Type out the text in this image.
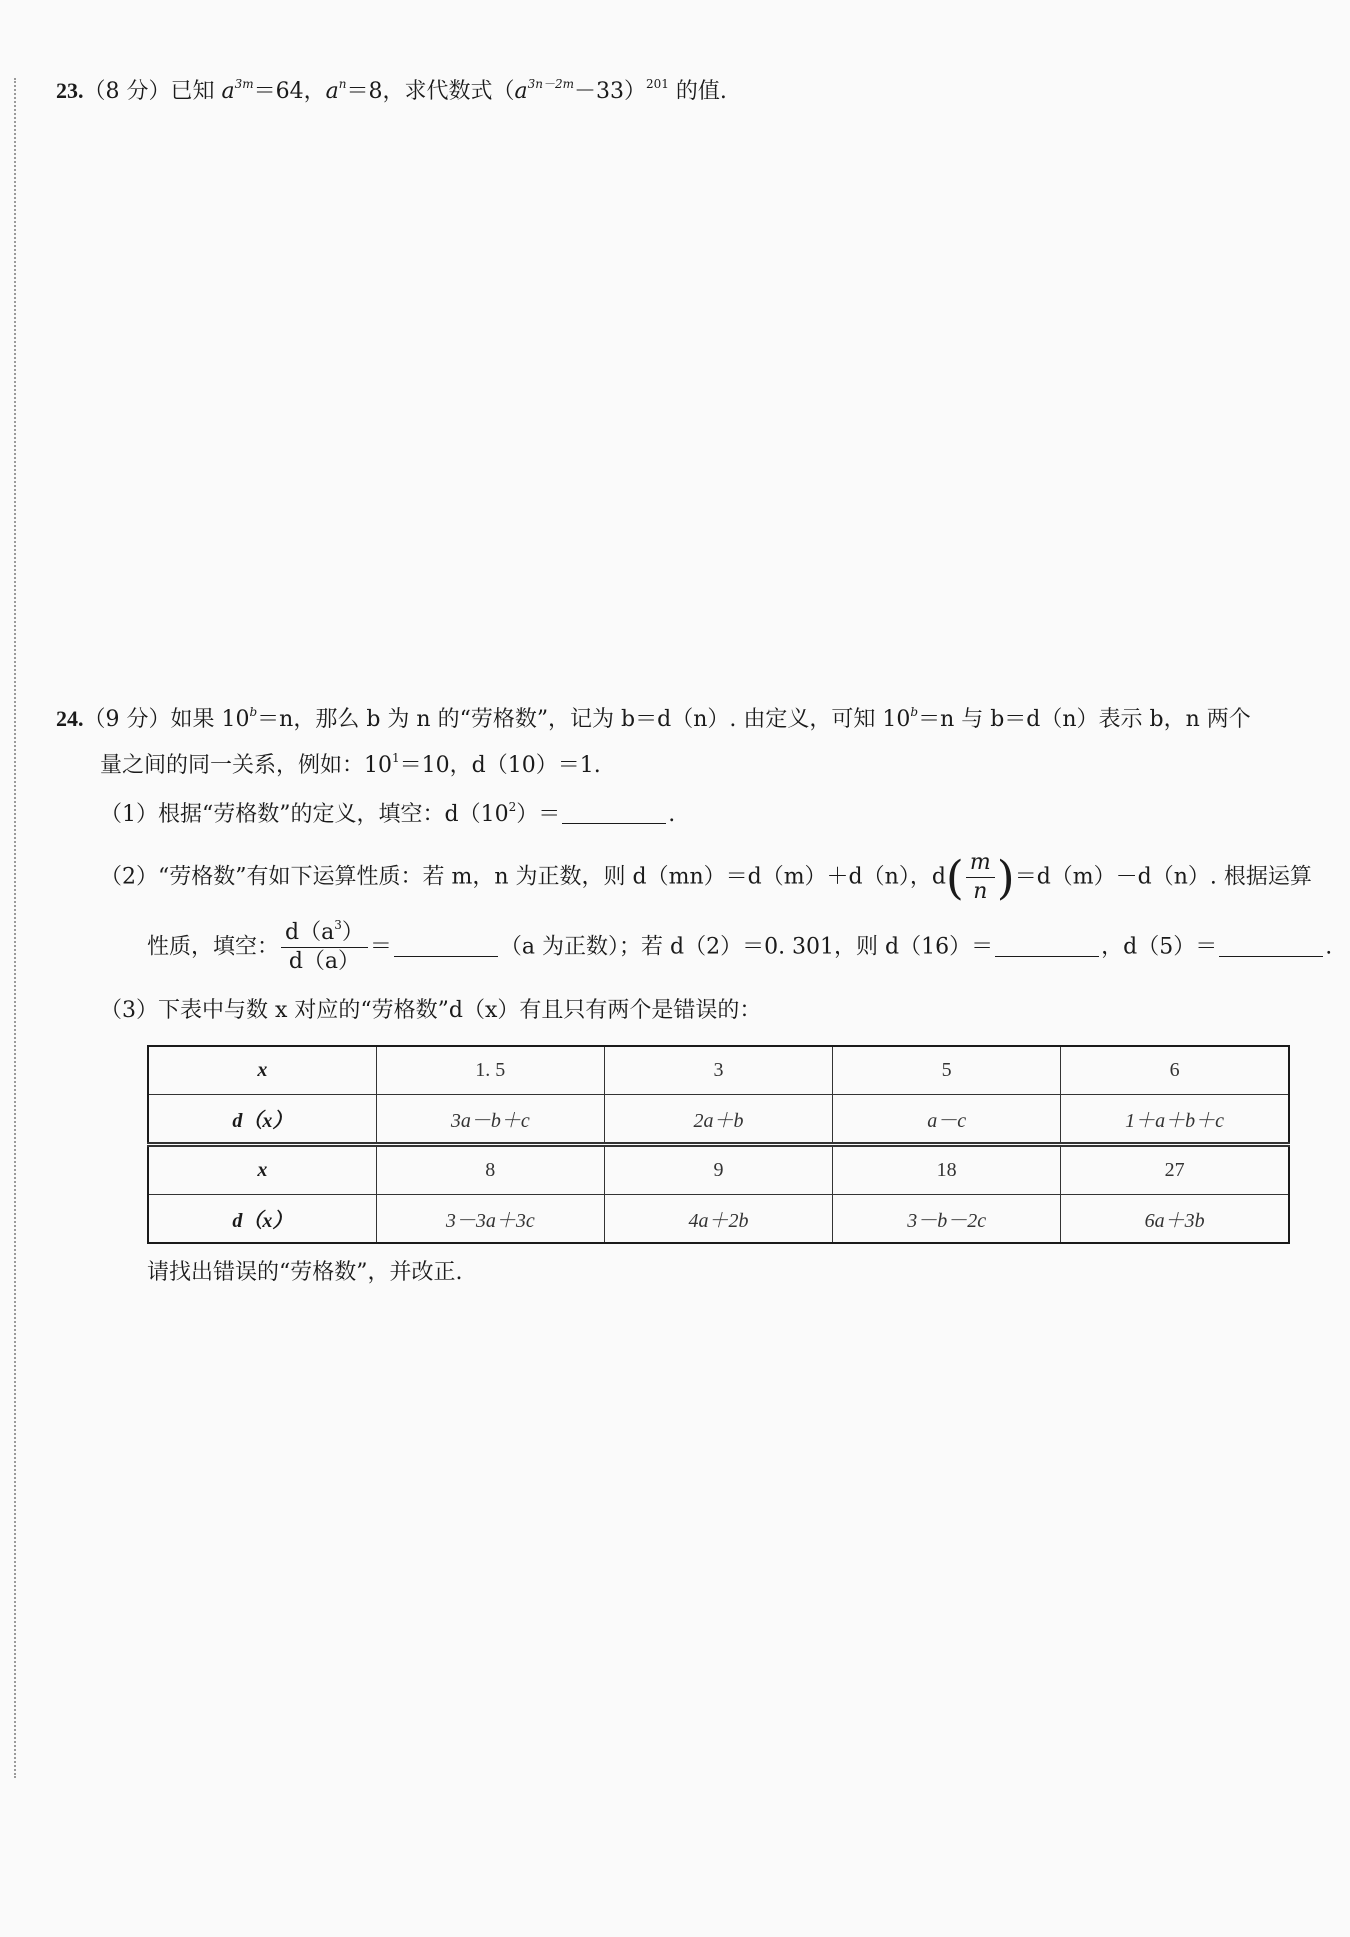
23.（8 分）已知 $a^{3m}=64$，$a^n=8$，求代数式$(a^{3n-2m}-33)^{201}$ 的值.
24.（9 分）如果 $10^b=n$，那么 b 为 n 的“劳格数”，记为 b＝d（n）. 由定义，可知 $10^b=n$ 与 b＝d（n）表示 b，n 两个
量之间的同一关系，例如：$10^1=10$，d（10）＝1.
（1）根据“劳格数”的定义，填空：$d(10^2)=$	.
（2）“劳格数”有如下运算性质：若 m，n 为正数，则 d（mn）＝d（m）＋d（n），$d( \frac{m}{n} )=d(m)-d(n)$. 根据运算
性质，填空： $\frac{d(a^3)}{d(a)}$ ＝	（a 为正数）；若 d（2）＝0. 301，则 d（16）＝	，d（5）＝	.
（3）下表中与数 x 对应的“劳格数”d（x）有且只有两个是错误的：
x	1. 5	3	5	6
d（x）	3a－b＋c	2a＋b	a－c	1＋a＋b＋c
x	8	9	18	27
d（x）	3－3a＋3c	4a＋2b	3－b－2c	6a＋3b
请找出错误的“劳格数”，并改正.
